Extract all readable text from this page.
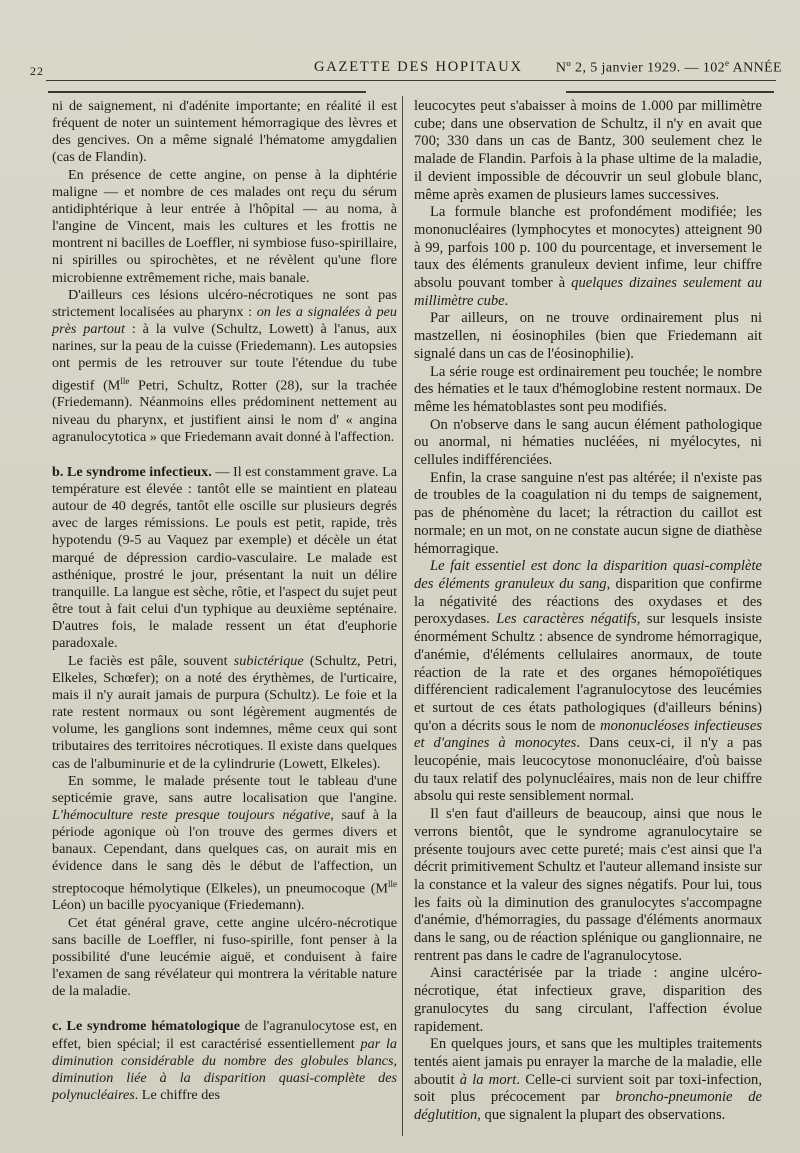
22	GAZETTE DES HOPITAUX Nº 2, 5 janvier 1929. — 102e ANNÉE

ni de saignement, ni d'adénite importante; en réalité il est fréquent de noter un suintement hémorragique des lèvres et des gencives. On a même signalé l'hématome amygdalien (cas de Flandin).

En présence de cette angine, on pense à la diphtérie maligne — et nombre de ces malades ont reçu du sérum antidiphtérique à leur entrée à l'hôpital — au noma, à l'angine de Vincent, mais les cultures et les frottis ne montrent ni bacilles de Loeffler, ni symbiose fuso-spirillaire, ni spirilles ou spirochètes, et ne révèlent qu'une flore microbienne extrêmement riche, mais banale.

D'ailleurs ces lésions ulcéro-nécrotiques ne sont pas strictement localisées au pharynx : on les a signalées à peu près partout : à la vulve (Schultz, Lowett) à l'anus, aux narines, sur la peau de la cuisse (Friedemann). Les autopsies ont permis de les retrouver sur toute l'étendue du tube digestif ($M^{lle}$ Petri, Schultz, Rotter (28), sur la trachée (Friedemann). Néanmoins elles prédominent nettement au niveau du pharynx, et justifient ainsi le nom d' « angina agranulocytotica » que Friedemann avait donné à l'affection.

b. Le syndrome infectieux. — Il est constamment grave. La température est élevée : tantôt elle se maintient en plateau autour de 40 degrés, tantôt elle oscille sur plusieurs degrés avec de larges rémissions. Le pouls est petit, rapide, très hypotendu (9-5 au Vaquez par exemple) et décèle un état marqué de dépression cardio-vasculaire. Le malade est asthénique, prostré le jour, présentant la nuit un délire tranquille. La langue est sèche, rôtie, et l'aspect du sujet peut être tout à fait celui d'un typhique au deuxième septénaire. D'autres fois, le malade ressent un état d'euphorie paradoxale.

Le faciès est pâle, souvent subictérique (Schultz, Petri, Elkeles, Schœfer); on a noté des érythèmes, de l'urticaire, mais il n'y aurait jamais de purpura (Schultz). Le foie et la rate restent normaux ou sont légèrement augmentés de volume, les ganglions sont indemnes, même ceux qui sont tributaires des territoires nécrotiques. Il existe dans quelques cas de l'albuminurie et de la cylindrurie (Lowett, Elkeles).

En somme, le malade présente tout le tableau d'une septicémie grave, sans autre localisation que l'angine. L'hémoculture reste presque toujours négative, sauf à la période agonique où l'on trouve des germes divers et banaux. Cependant, dans quelques cas, on aurait mis en évidence dans le sang dès le début de l'affection, un streptocoque hémolytique (Elkeles), un pneumocoque ($M^{lle}$ Léon) un bacille pyocyanique (Friedemann).

Cet état général grave, cette angine ulcéro-nécrotique sans bacille de Loeffler, ni fuso-spirille, font penser à la possibilité d'une leucémie aiguë, et conduisent à faire l'examen de sang révélateur qui montrera la véritable nature de la maladie.

c. Le syndrome hématologique de l'agranulocytose est, en effet, bien spécial; il est caractérisé essentiellement par la diminution considérable du nombre des globules blancs, diminution liée à la disparition quasi-complète des polynucléaires. Le chiffre des

leucocytes peut s'abaisser à moins de 1.000 par millimètre cube; dans une observation de Schultz, il n'y en avait que 700; 330 dans un cas de Bantz, 300 seulement chez le malade de Flandin. Parfois à la phase ultime de la maladie, il devient impossible de découvrir un seul globule blanc, même après examen de plusieurs lames successives.

La formule blanche est profondément modifiée; les mononucléaires (lymphocytes et monocytes) atteignent 90 à 99, parfois 100 p. 100 du pourcentage, et inversement le taux des éléments granuleux devient infime, leur chiffre absolu pouvant tomber à quelques dizaines seulement au millimètre cube.

Par ailleurs, on ne trouve ordinairement plus ni mastzellen, ni éosinophiles (bien que Friedemann ait signalé dans un cas de l'éosinophilie).

La série rouge est ordinairement peu touchée; le nombre des hématies et le taux d'hémoglobine restent normaux. De même les hématoblastes sont peu modifiés.

On n'observe dans le sang aucun élément pathologique ou anormal, ni hématies nucléées, ni myélocytes, ni cellules indifférenciées.

Enfin, la crase sanguine n'est pas altérée; il n'existe pas de troubles de la coagulation ni du temps de saignement, pas de phénomène du lacet; la rétraction du caillot est normale; en un mot, on ne constate aucun signe de diathèse hémorragique.

Le fait essentiel est donc la disparition quasi-complète des éléments granuleux du sang, disparition que confirme la négativité des réactions des oxydases et des peroxydases. Les caractères négatifs, sur lesquels insiste énormément Schultz : absence de syndrome hémorragique, d'anémie, d'éléments cellulaires anormaux, de toute réaction de la rate et des organes hémopoïétiques différencient radicalement l'agranulocytose des leucémies et surtout de ces états pathologiques (d'ailleurs bénins) qu'on a décrits sous le nom de mononucléoses infectieuses et d'angines à monocytes. Dans ceux-ci, il n'y a pas leucopénie, mais leucocytose mononucléaire, d'où baisse du taux relatif des polynucléaires, mais non de leur chiffre absolu qui reste sensiblement normal.

Il s'en faut d'ailleurs de beaucoup, ainsi que nous le verrons bientôt, que le syndrome agranulocytaire se présente toujours avec cette pureté; mais c'est ainsi que l'a décrit primitivement Schultz et l'auteur allemand insiste sur la constance et la valeur des signes négatifs. Pour lui, tous les faits où la diminution des granulocytes s'accompagne d'anémie, d'hémorragies, du passage d'éléments anormaux dans le sang, ou de réaction splénique ou ganglionnaire, ne rentrent pas dans le cadre de l'agranulocytose.

Ainsi caractérisée par la triade : angine ulcéro-nécrotique, état infectieux grave, disparition des granulocytes du sang circulant, l'affection évolue rapidement.

En quelques jours, et sans que les multiples traitements tentés aient jamais pu enrayer la marche de la maladie, elle aboutit à la mort. Celle-ci survient soit par toxi-infection, soit plus précocement par broncho-pneumonie de déglutition, que signalent la plupart des observations.
